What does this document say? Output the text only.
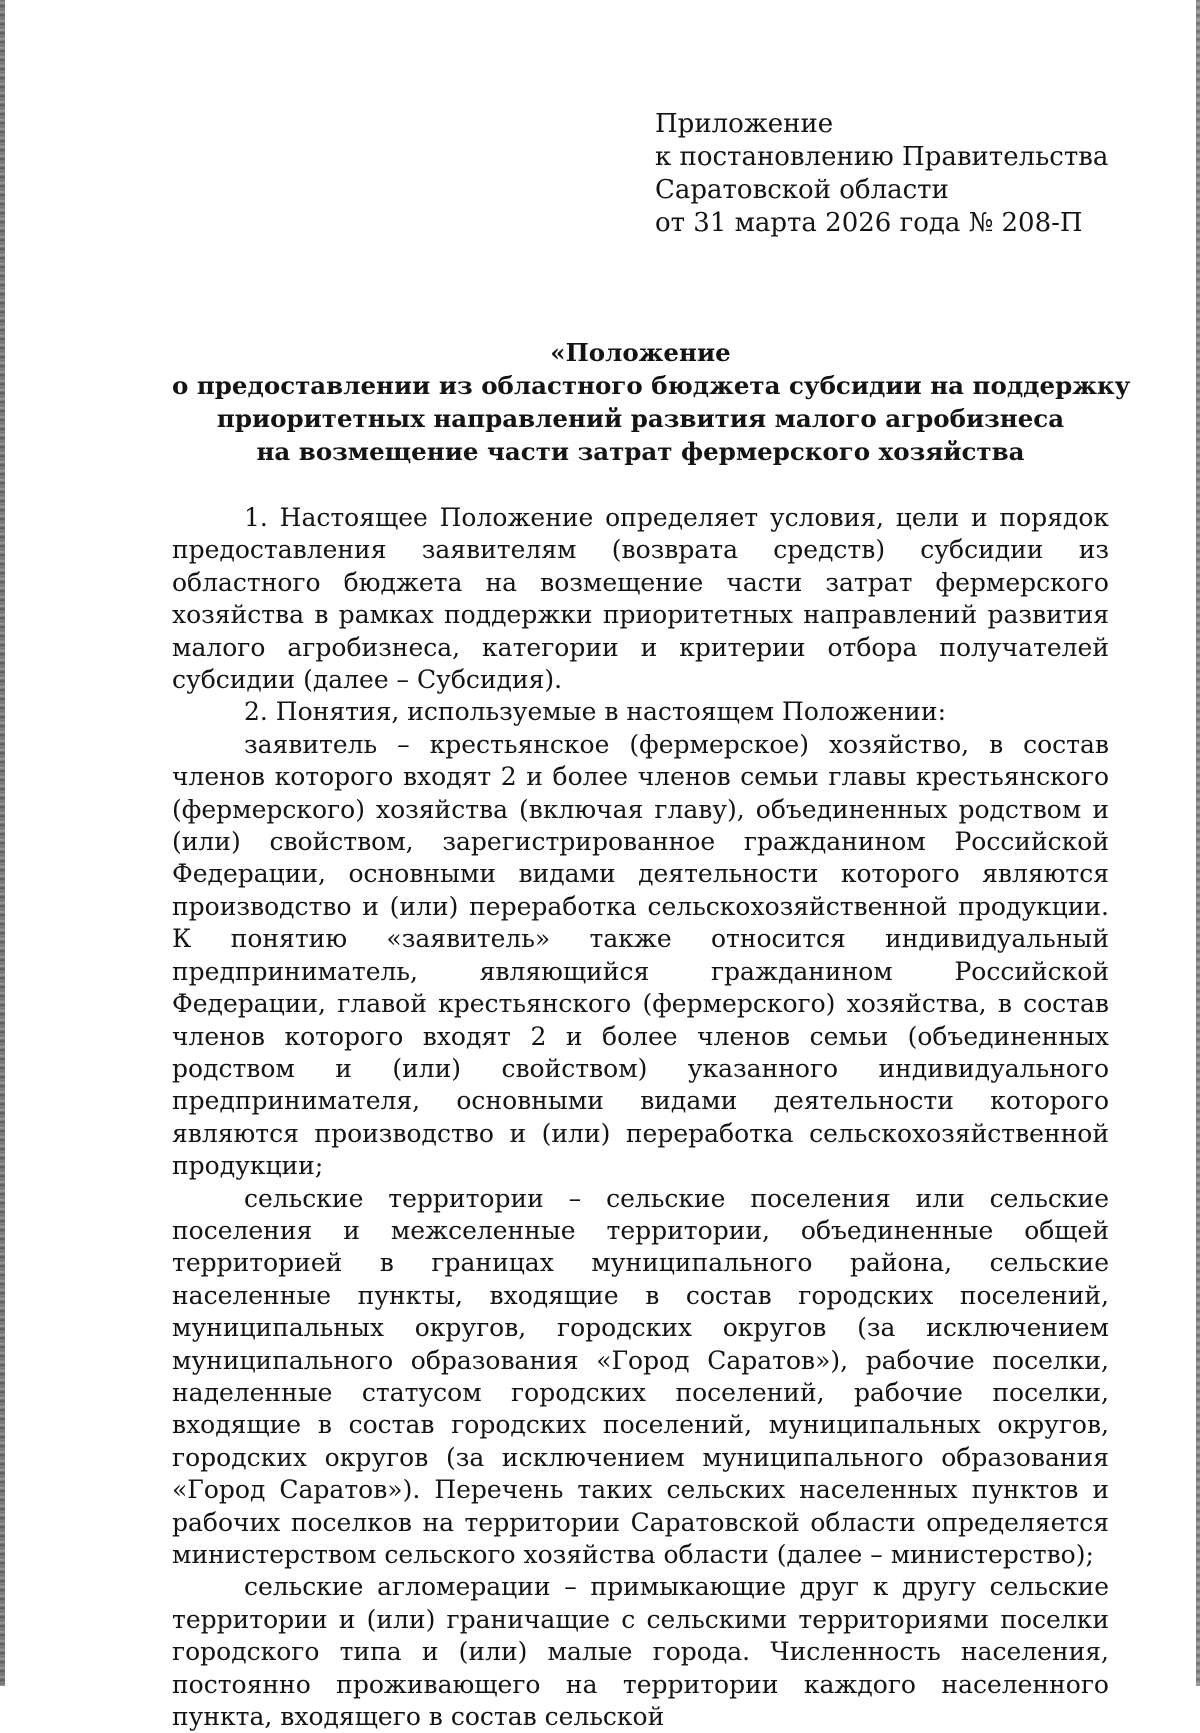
Приложение
к постановлению Правительства
Саратовской области
от 31 марта 2026 года № 208-П
«Положение
о предоставлении из областного бюджета субсидии на поддержку
приоритетных направлений развития малого агробизнеса
на возмещение части затрат фермерского хозяйства

1. Настоящее Положение определяет условия, цели и порядок предоставления заявителям (возврата средств) субсидии из областного бюджета на возмещение части затрат фермерского хозяйства в рамках поддержки приоритетных направлений развития малого агробизнеса, категории и критерии отбора получателей субсидии (далее – Субсидия).

2. Понятия, используемые в настоящем Положении:

заявитель – крестьянское (фермерское) хозяйство, в состав членов которого входят 2 и более членов семьи главы крестьянского (фермерского) хозяйства (включая главу), объединенных родством и (или) свойством, зарегистрированное гражданином Российской Федерации, основными видами деятельности которого являются производство и (или) переработка сельскохозяйственной продукции. К понятию «заявитель» также относится индивидуальный предприниматель, являющийся гражданином Российской Федерации, главой крестьянского (фермерского) хозяйства, в состав членов которого входят 2 и более членов семьи (объединенных родством и (или) свойством) указанного индивидуального предпринимателя, основными видами деятельности которого являются производство и (или) переработка сельскохозяйственной продукции;

сельские территории – сельские поселения или сельские поселения и межселенные территории, объединенные общей территорией в границах муниципального района, сельские населенные пункты, входящие в состав городских поселений, муниципальных округов, городских округов (за исключением муниципального образования «Город Саратов»), рабочие поселки, наделенные статусом городских поселений, рабочие поселки, входящие в состав городских поселений, муниципальных округов, городских округов (за исключением муниципального образования «Город Саратов»). Перечень таких сельских населенных пунктов и рабочих поселков на территории Саратовской области определяется министерством сельского хозяйства области (далее – министерство);

сельские агломерации – примыкающие друг к другу сельские территории и (или) граничащие с сельскими территориями поселки городского типа и (или) малые города. Численность населения, постоянно проживающего на территории каждого населенного пункта, входящего в состав сельской
